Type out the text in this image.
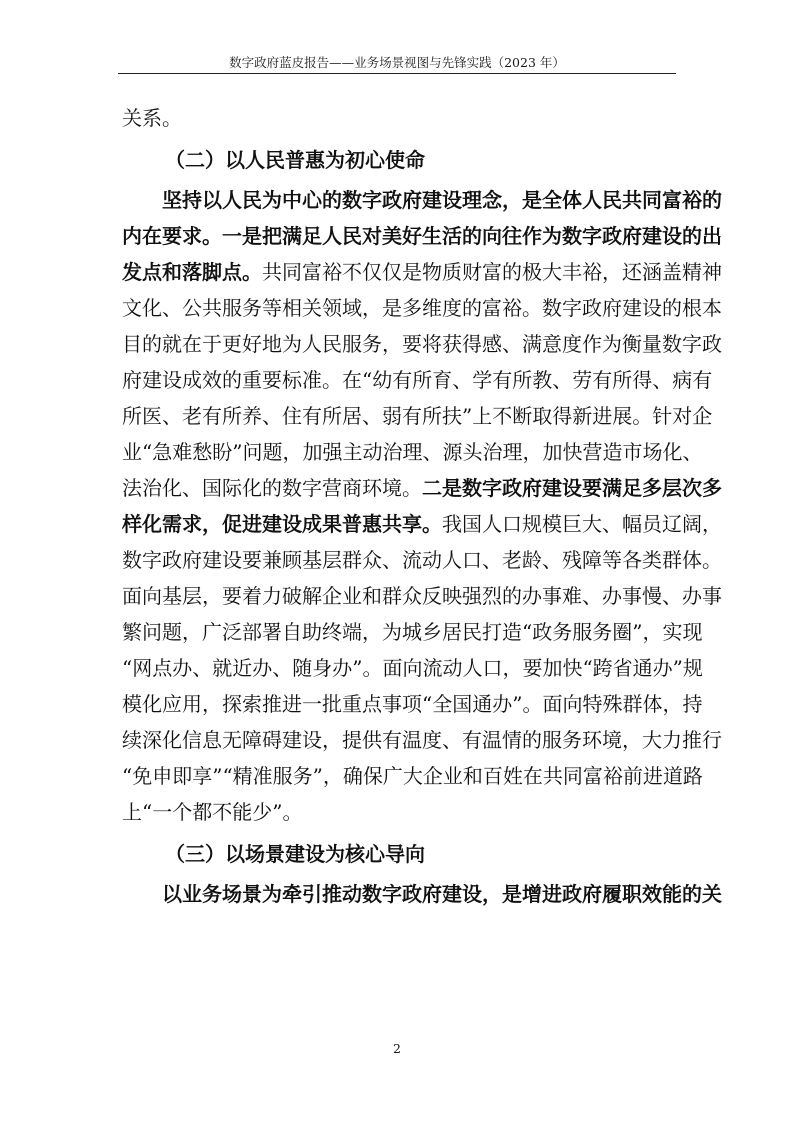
数字政府蓝皮报告——业务场景视图与先锋实践（2023 年）
关系。
（二）以人民普惠为初心使命
坚持以人民为中心的数字政府建设理念，是全体人民共同富裕的
内在要求。一是把满足人民对美好生活的向往作为数字政府建设的出
发点和落脚点。共同富裕不仅仅是物质财富的极大丰裕，还涵盖精神
文化、公共服务等相关领域，是多维度的富裕。数字政府建设的根本
目的就在于更好地为人民服务，要将获得感、满意度作为衡量数字政
府建设成效的重要标准。在“幼有所育、学有所教、劳有所得、病有
所医、老有所养、住有所居、弱有所扶”上不断取得新进展。针对企
业“急难愁盼”问题，加强主动治理、源头治理，加快营造市场化、
法治化、国际化的数字营商环境。二是数字政府建设要满足多层次多
样化需求，促进建设成果普惠共享。我国人口规模巨大、幅员辽阔，
数字政府建设要兼顾基层群众、流动人口、老龄、残障等各类群体。
面向基层，要着力破解企业和群众反映强烈的办事难、办事慢、办事
繁问题，广泛部署自助终端，为城乡居民打造“政务服务圈”，实现
“网点办、就近办、随身办”。面向流动人口，要加快“跨省通办”规
模化应用，探索推进一批重点事项“全国通办”。面向特殊群体，持
续深化信息无障碍建设，提供有温度、有温情的服务环境，大力推行
“免申即享”“精准服务”，确保广大企业和百姓在共同富裕前进道路
上“一个都不能少”。
（三）以场景建设为核心导向
以业务场景为牵引推动数字政府建设，是增进政府履职效能的关
2
